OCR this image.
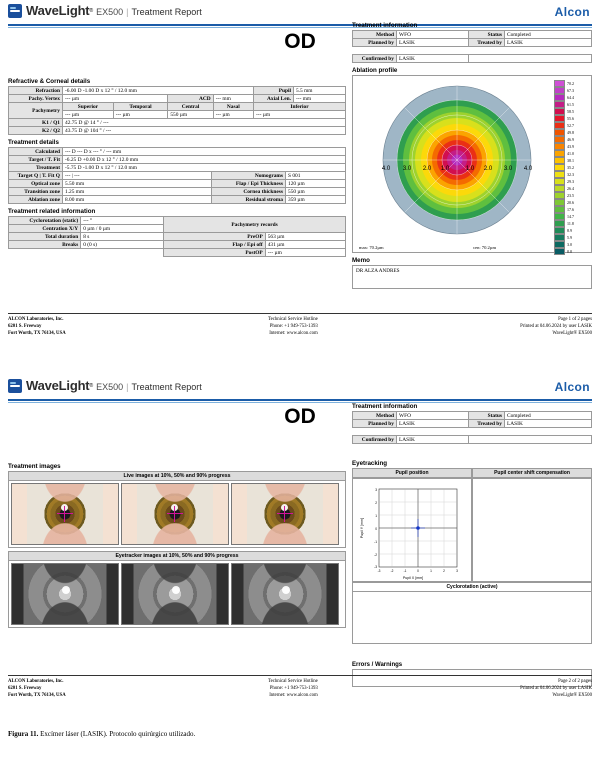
WaveLight® EX500 | Treatment Report	Alcon
OD
Refractive & Corneal details
Refraction	-6.00 D -1.00 D x 12 ° / 12.0 mm				Pupil	5.5 mm
Pachy. Vertex	--- µm		ACD	--- mm	Axial Len.	--- mm
Pachymetry	Superior	Temporal	Central	Nasal	Inferior	
	--- µm	--- µm	550 µm	--- µm	--- µm	
K1 / Q1	42.75 D @ 14 ° / ---					
K2 / Q2	43.75 D @ 104 ° / ---					
Treatment details
Calculated	--- D --- D x --- ° / --- mm		
Target / T. Fit	-6.25 D +0.00 D x 12 ° / 12.0 mm		
Treatment	-5.75 D -1.00 D x 12 ° / 12.0 mm		
Target Q | T. Fit Q	--- | ---	Nomograms	S 001
Optical zone	5.50 mm	Flap / Epi Thickness	120 µm
Transition zone	1.25 mm	Cornea thickness	550 µm
Ablation zone	8.00 mm	Residual stroma	359 µm
Treatment related information
Cyclorotation (static)	--- °	Pachymetry records	
Centration X/Y	0 µm / 0 µm		
Total duration	8 s	PreOP	563 µm
Breaks	0 (0 s)	Flap / Epi off	431 µm
		PostOP	--- µm
Treatment information
Method	WFO	Status	Completed
Planned by	LASIK	Treated by	LASIK

Confirmed by	LASIK		
Ablation profile
4.0 3.0 2.0 1.0	1.0 2.0 3.0 4.0
70.2
67.3
64.4
61.5
58.5
55.6
52.7
49.8
46.9
43.9
41.0
38.1
35.2
32.3
29.3
26.4
23.5
20.6
17.6
14.7
11.8
8.9
5.9
3.0
0.0
max: 70.2µm	cen: 70.2µm
Memo
DR ALZA ANDRES
ALCON Laboratories, Inc.
6201 S. Freeway
Fort Worth, TX 76134, USA
Technical Service Hotline
Phone: +1 949-753-1393
Internet: www.alcon.com
Page 1 of 2 pages
Printed at 04.06.2024 by user LASIK
WaveLight® EX500
WaveLight® EX500 | Treatment Report	Alcon
OD	Treatment information
Method	WFO	Status	Completed
Planned by	LASIK	Treated by	LASIK

Confirmed by	LASIK		
Eyetracking
Pupil position	Pupil center shift compensation
3
2
1
0
-1
-2
-3
-3	-2	-1	0	1	2	3
Pupil X [mm]
Pupil Y [mm]
Cyclorotation (active)
Errors / Warnings
Treatment images
Live images at 10%, 50% and 90% progress
Eyetracker images at 10%, 50% and 90% progress
ALCON Laboratories, Inc.
6201 S. Freeway
Fort Worth, TX 76134, USA
Technical Service Hotline
Phone: +1 949-753-1393
Internet: www.alcon.com
Page 2 of 2 pages
Printed at 04.06.2024 by user LASIK
WaveLight® EX500
Figura 11. Excímer láser (LASIK). Protocolo quirúrgico utilizado.
